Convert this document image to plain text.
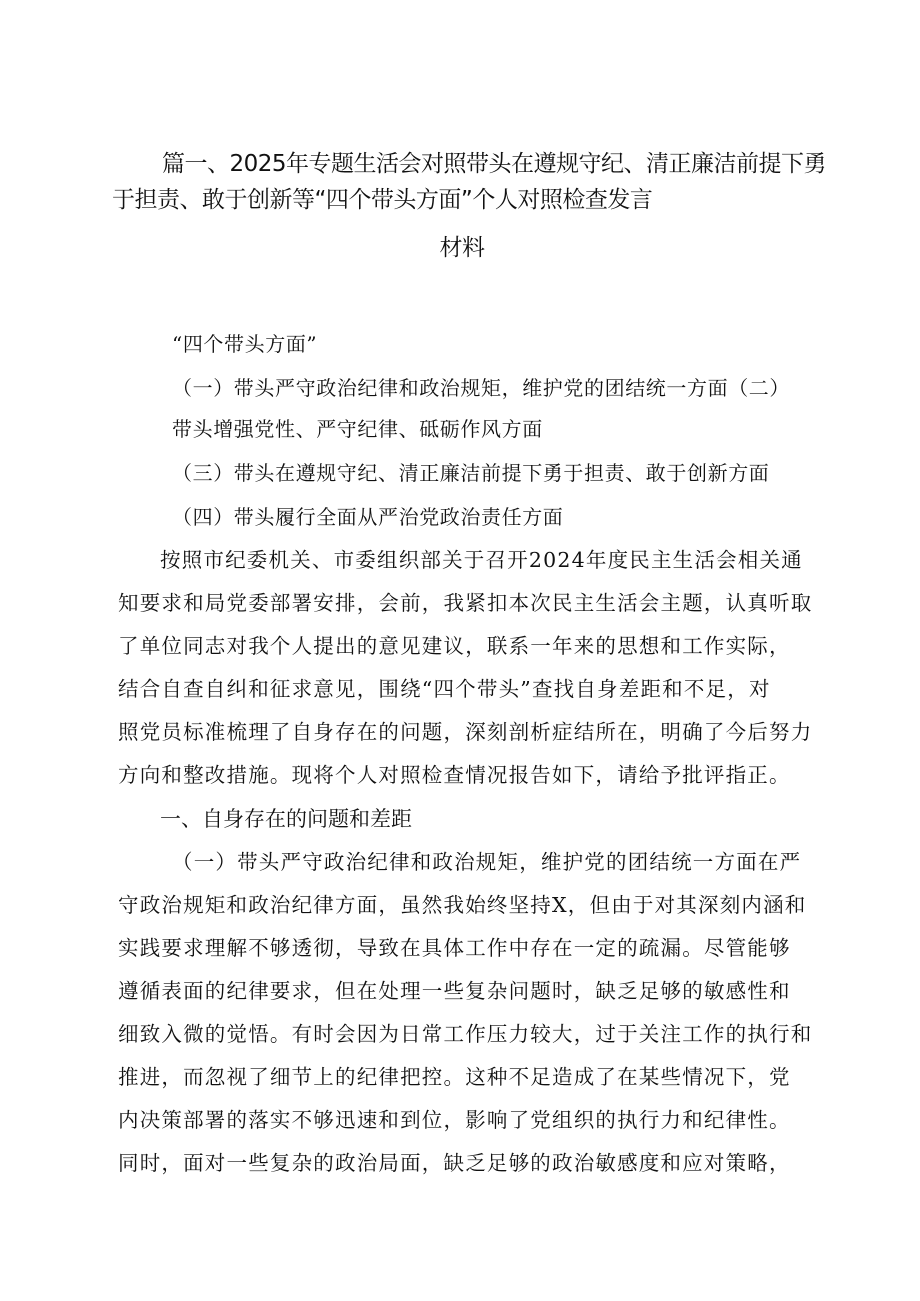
篇一、2025年专题生活会对照带头在遵规守纪、清正廉洁前提下勇
于担责、敢于创新等“四个带头方面”个人对照检查发言
材料
“四个带头方面”
（一）带头严守政治纪律和政治规矩，维护党的团结统一方面（二）
带头增强党性、严守纪律、砥砺作风方面
（三）带头在遵规守纪、清正廉洁前提下勇于担责、敢于创新方面
（四）带头履行全面从严治党政治责任方面
按照市纪委机关、市委组织部关于召开2024年度民主生活会相关通
知要求和局党委部署安排，会前，我紧扣本次民主生活会主题，认真听取
了单位同志对我个人提出的意见建议，联系一年来的思想和工作实际，
结合自查自纠和征求意见，围绕“四个带头”查找自身差距和不足，对
照党员标准梳理了自身存在的问题，深刻剖析症结所在，明确了今后努力
方向和整改措施。现将个人对照检查情况报告如下，请给予批评指正。
一、自身存在的问题和差距
（一）带头严守政治纪律和政治规矩，维护党的团结统一方面在严
守政治规矩和政治纪律方面，虽然我始终坚持X，但由于对其深刻内涵和
实践要求理解不够透彻，导致在具体工作中存在一定的疏漏。尽管能够
遵循表面的纪律要求，但在处理一些复杂问题时，缺乏足够的敏感性和
细致入微的觉悟。有时会因为日常工作压力较大，过于关注工作的执行和
推进，而忽视了细节上的纪律把控。这种不足造成了在某些情况下，党
内决策部署的落实不够迅速和到位，影响了党组织的执行力和纪律性。
同时，面对一些复杂的政治局面，缺乏足够的政治敏感度和应对策略，
